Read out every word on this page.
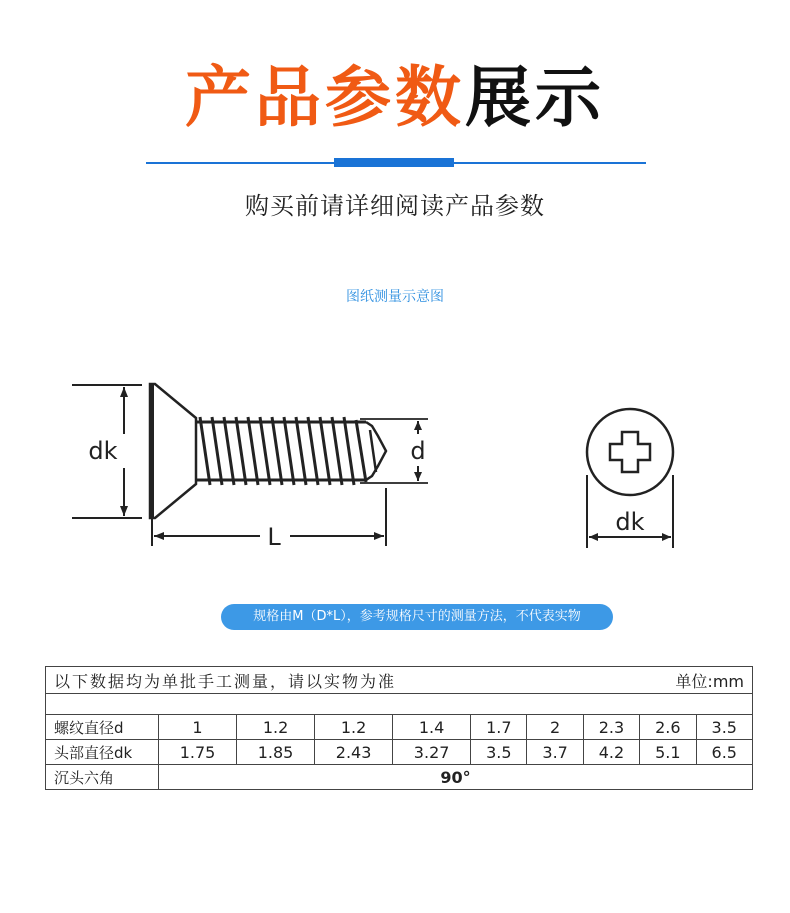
产品参数展示
购买前请详细阅读产品参数
图纸测量示意图
dk	d
L
dk
规格由M（D*L），参考规格尺寸的测量方法，不代表实物
以下数据均为单批手工测量，请以实物为准 单位:mm									

螺纹直径d	1	1.2	1.2	1.4	1.7	2	2.3	2.6	3.5
头部直径dk	1.75	1.85	2.43	3.27	3.5	3.7	4.2	5.1	6.5
沉头六角	90°								
